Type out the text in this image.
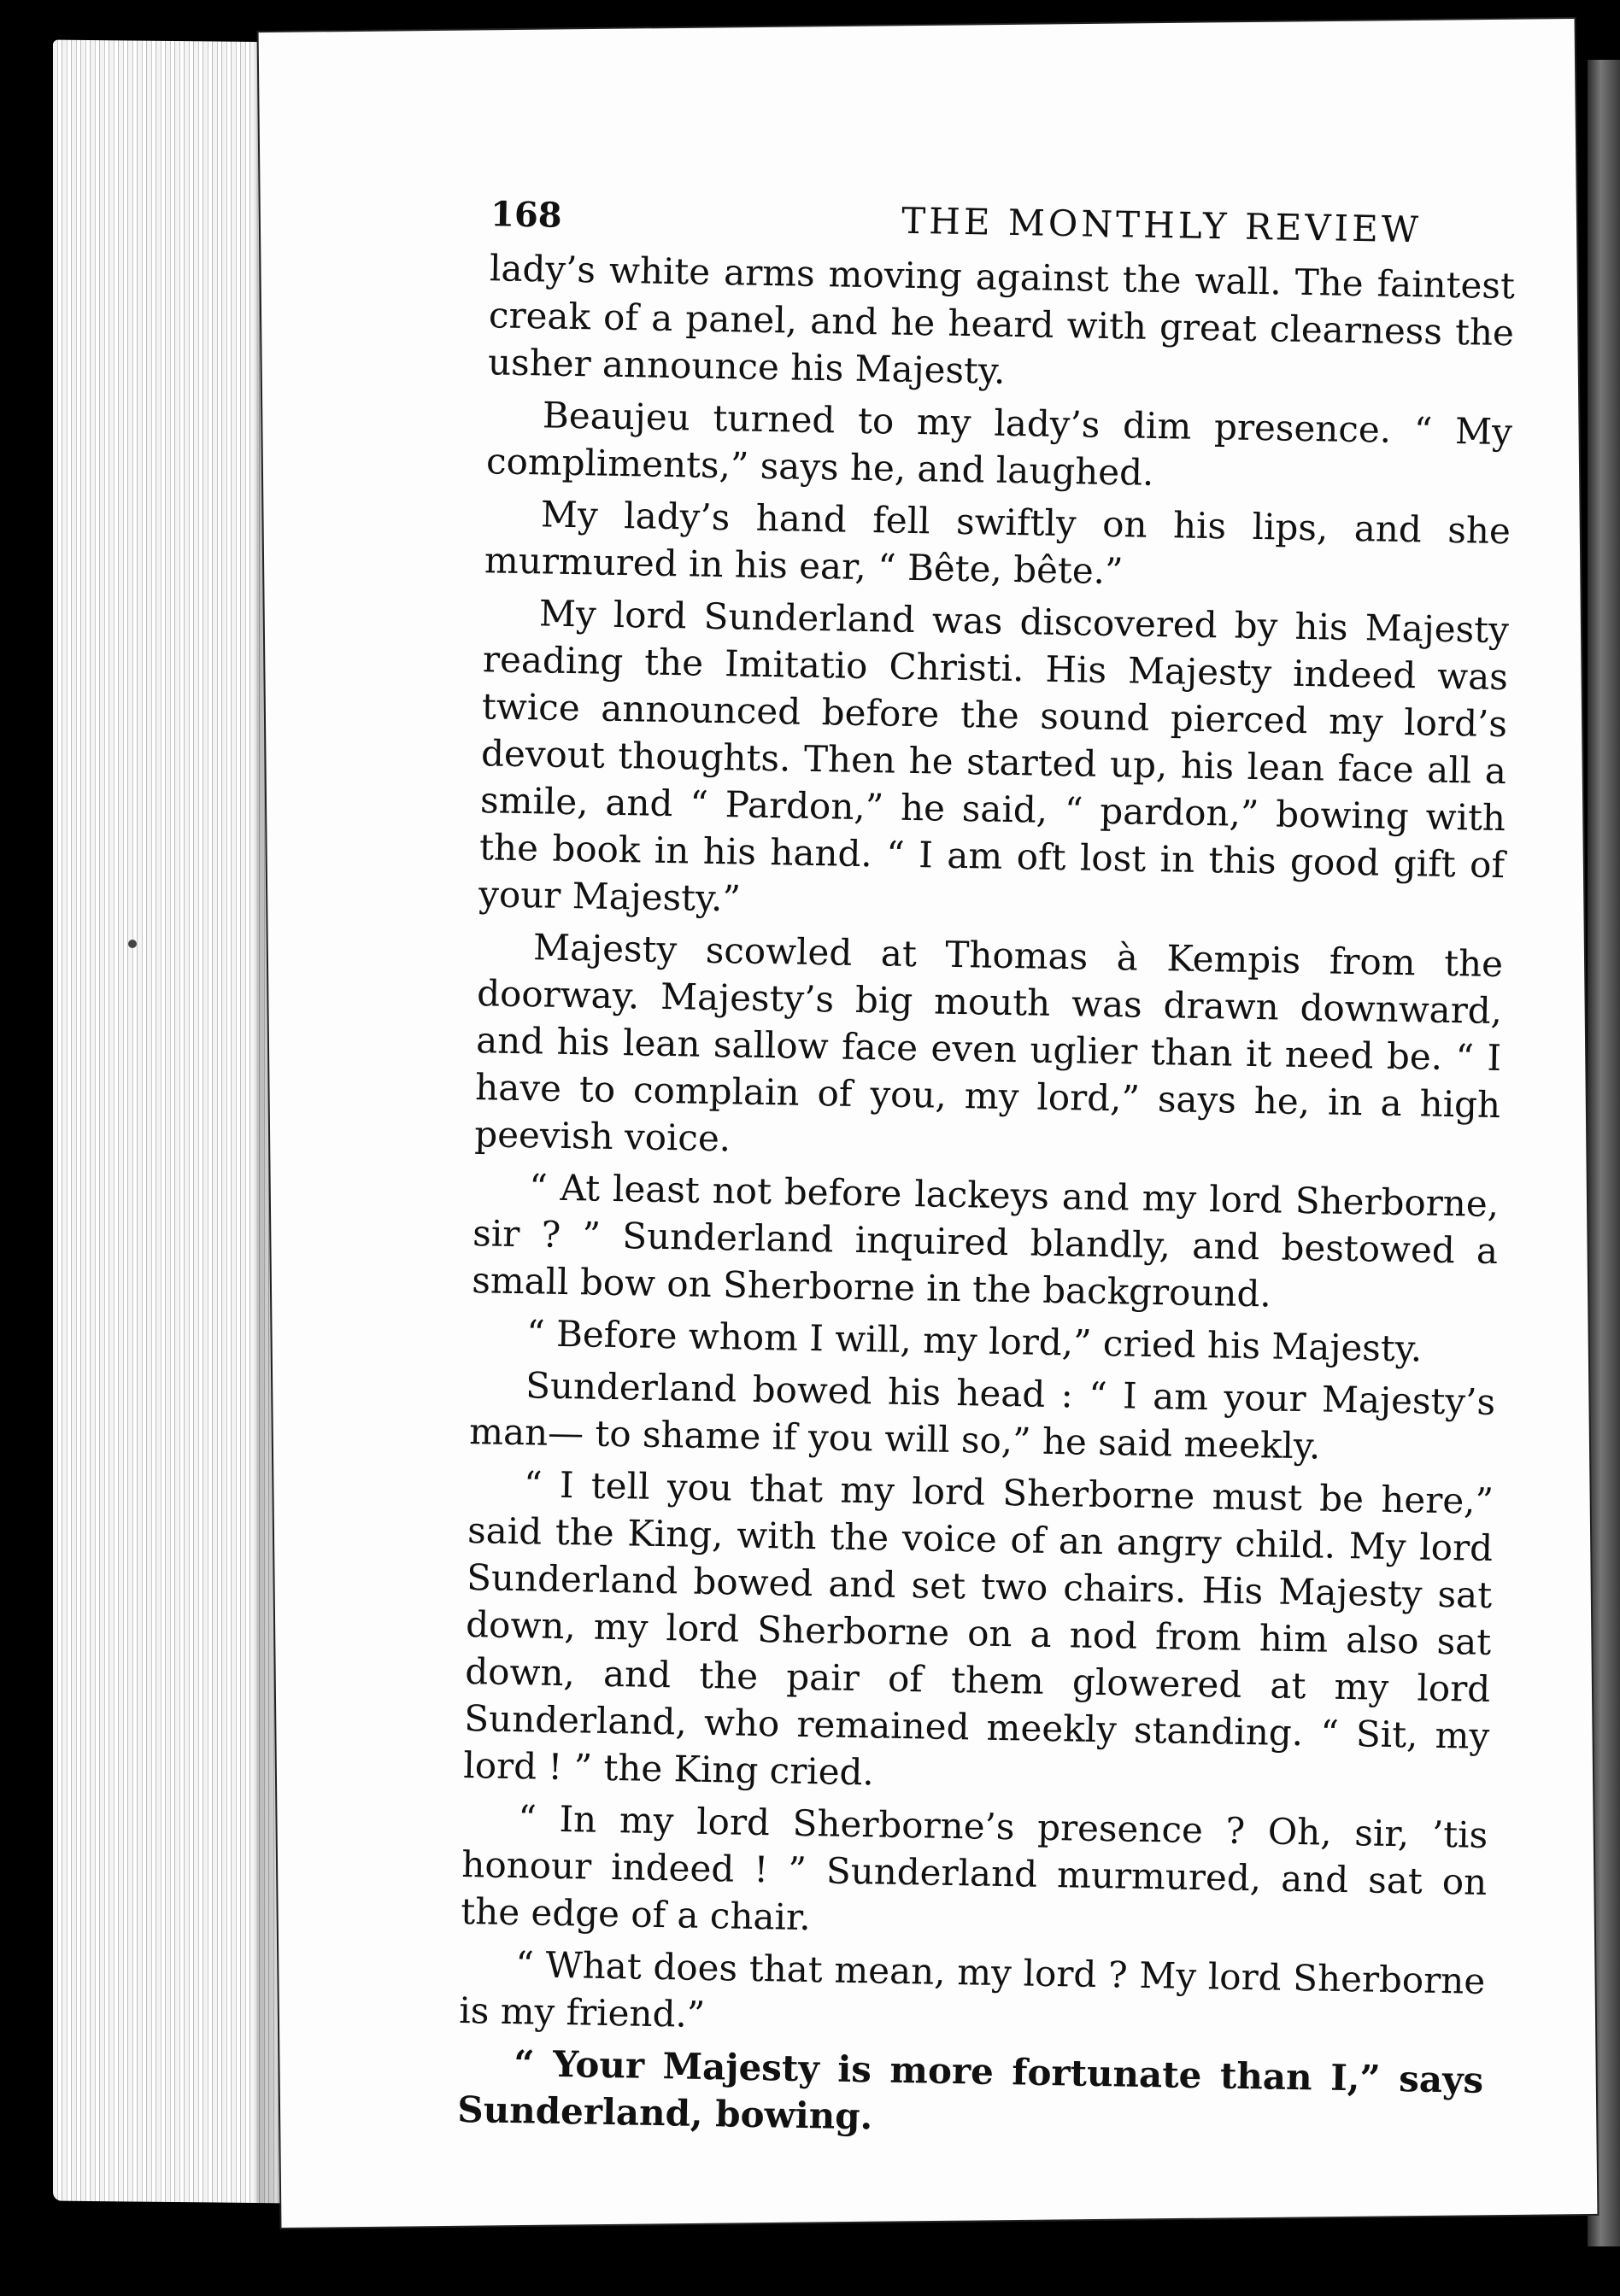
168	THE MONTHLY REVIEW

lady’s white arms moving against the wall. The faintest creak of a panel, and he heard with great clearness the usher announce his Majesty.

Beaujeu turned to my lady’s dim presence. “ My compliments,” says he, and laughed.

My lady’s hand fell swiftly on his lips, and she murmured in his ear, “ Bête, bête.”

My lord Sunderland was discovered by his Majesty reading the Imitatio Christi. His Majesty indeed was twice announced before the sound pierced my lord’s devout thoughts. Then he started up, his lean face all a smile, and “ Pardon,” he said, “ pardon,” bowing with the book in his hand. “ I am oft lost in this good gift of your Majesty.”

Majesty scowled at Thomas à Kempis from the doorway. Majesty’s big mouth was drawn downward, and his lean sallow face even uglier than it need be. “ I have to complain of you, my lord,” says he, in a high peevish voice.

“ At least not before lackeys and my lord Sherborne, sir ? ” Sunderland inquired blandly, and bestowed a small bow on Sherborne in the background.

“ Before whom I will, my lord,” cried his Majesty.

Sunderland bowed his head : “ I am your Majesty’s man— to shame if you will so,” he said meekly.

“ I tell you that my lord Sherborne must be here,” said the King, with the voice of an angry child. My lord Sunderland bowed and set two chairs. His Majesty sat down, my lord Sherborne on a nod from him also sat down, and the pair of them glowered at my lord Sunderland, who remained meekly standing. “ Sit, my lord ! ” the King cried.

“ In my lord Sherborne’s presence ? Oh, sir, ’tis honour indeed ! ” Sunderland murmured, and sat on the edge of a chair.

“ What does that mean, my lord ? My lord Sherborne is my friend.”

“ Your Majesty is more fortunate than I,” says Sunderland, bowing.
